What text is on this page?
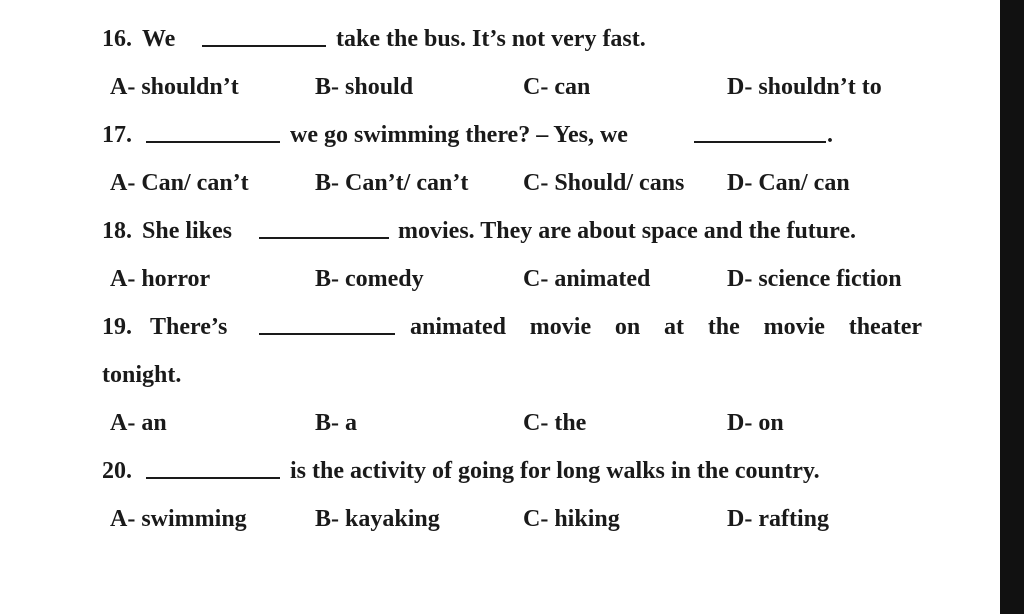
16. We	take the bus. It’s not very fast.
A- shouldn’t	B- should	C- can	D- shouldn’t to
17.	we go swimming there? – Yes, we	.
A- Can/ can’t	B- Can’t/ can’t C- Should/ cans D- Can/ can
18. She likes	movies. They are about space and the future.
A- horror	B- comedy	C- animated	D- science fiction
19. There’s	animated movie on at the movie theater
tonight.
A- an	B- a	C- the	D- on
20.	is the activity of going for long walks in the country.
A- swimming	B- kayaking	C- hiking	D- rafting
